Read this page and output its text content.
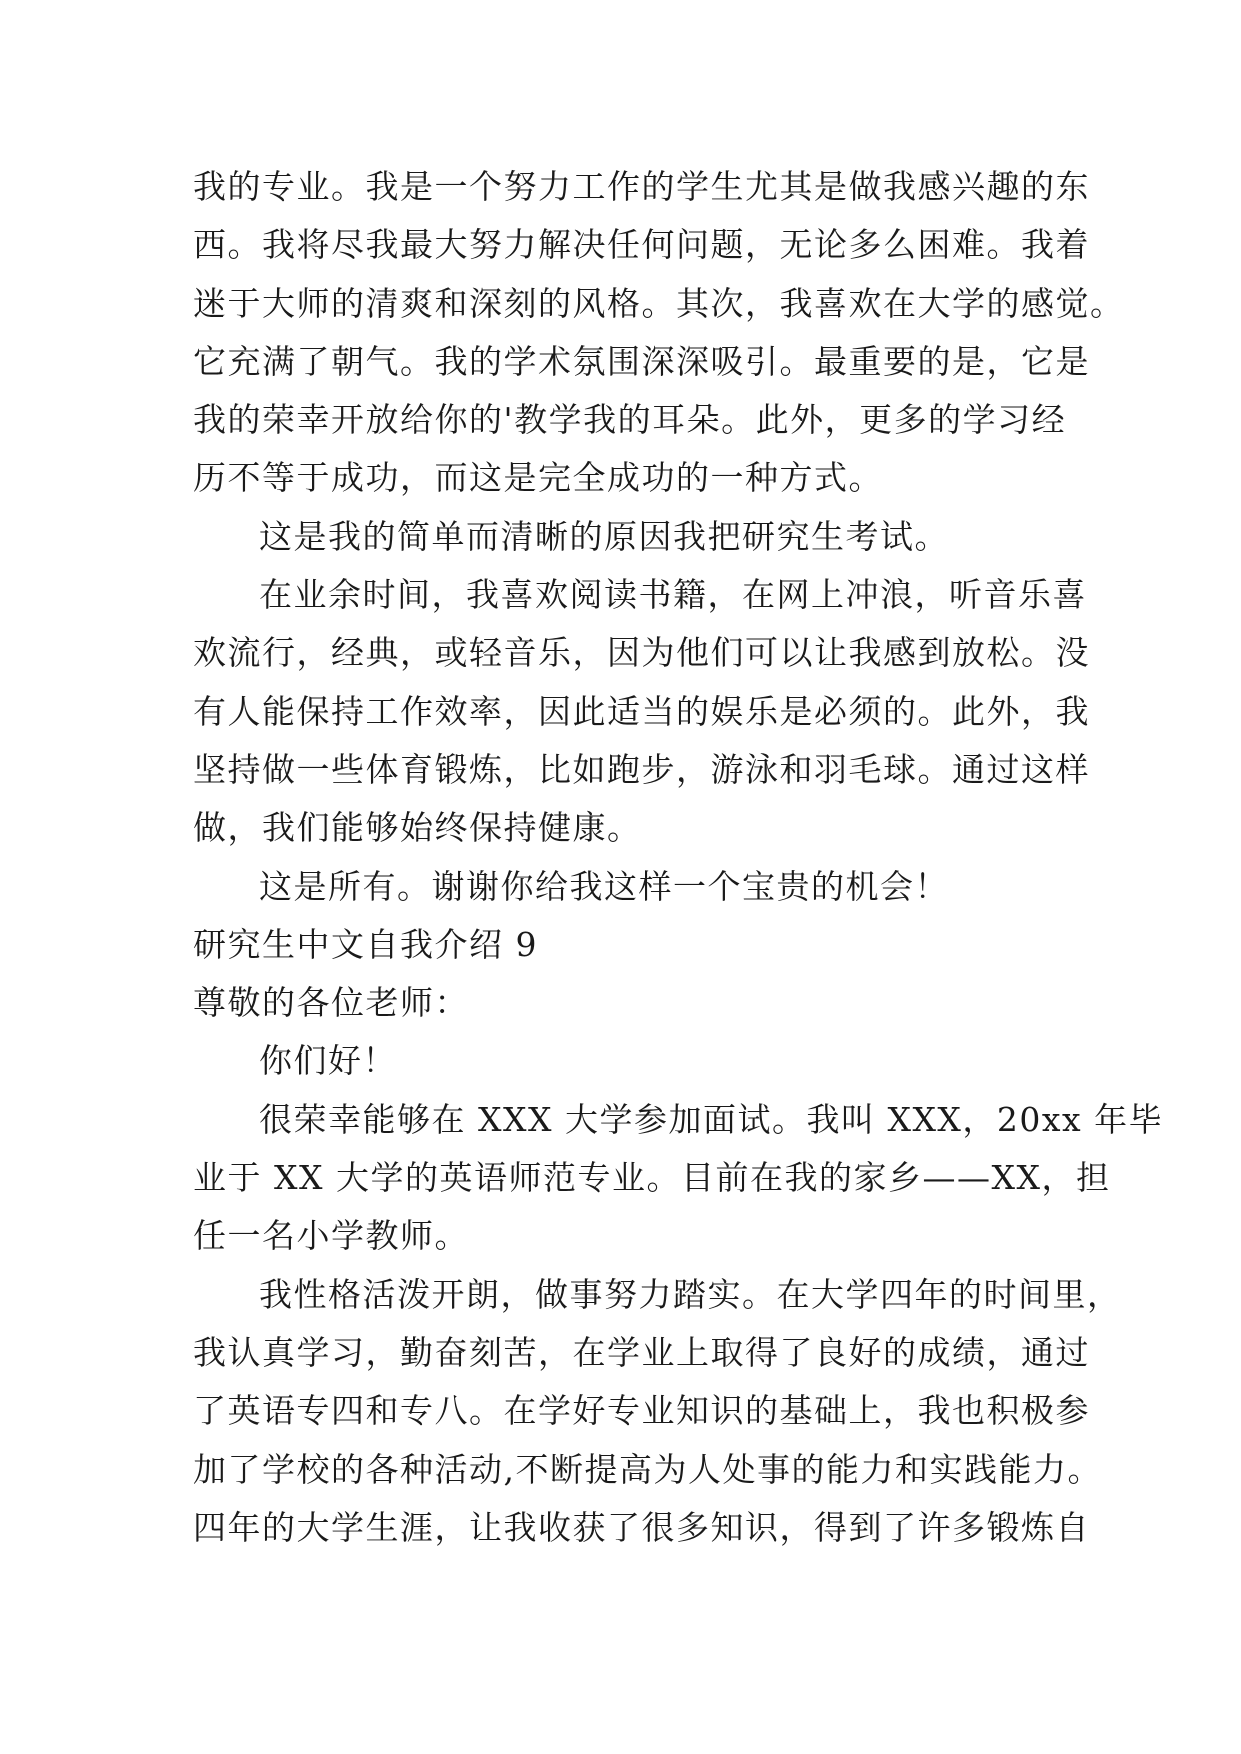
我的专业。我是一个努力工作的学生尤其是做我感兴趣的东
西。我将尽我最大努力解决任何问题，无论多么困难。我着
迷于大师的清爽和深刻的风格。其次，我喜欢在大学的感觉。
它充满了朝气。我的学术氛围深深吸引。最重要的是，它是
我的荣幸开放给你的'教学我的耳朵。此外，更多的学习经
历不等于成功，而这是完全成功的一种方式。

这是我的简单而清晰的原因我把研究生考试。

在业余时间，我喜欢阅读书籍，在网上冲浪，听音乐喜
欢流行，经典，或轻音乐，因为他们可以让我感到放松。没
有人能保持工作效率，因此适当的娱乐是必须的。此外，我
坚持做一些体育锻炼，比如跑步，游泳和羽毛球。通过这样
做，我们能够始终保持健康。

这是所有。谢谢你给我这样一个宝贵的机会！

研究生中文自我介绍 9

尊敬的各位老师：

你们好！

很荣幸能够在 XXX 大学参加面试。我叫 XXX，20xx 年毕
业于 XX 大学的英语师范专业。目前在我的家乡——XX，担
任一名小学教师。

我性格活泼开朗，做事努力踏实。在大学四年的时间里，
我认真学习，勤奋刻苦，在学业上取得了良好的成绩，通过
了英语专四和专八。在学好专业知识的基础上，我也积极参
加了学校的各种活动,不断提高为人处事的能力和实践能力。
四年的大学生涯，让我收获了很多知识，得到了许多锻炼自
